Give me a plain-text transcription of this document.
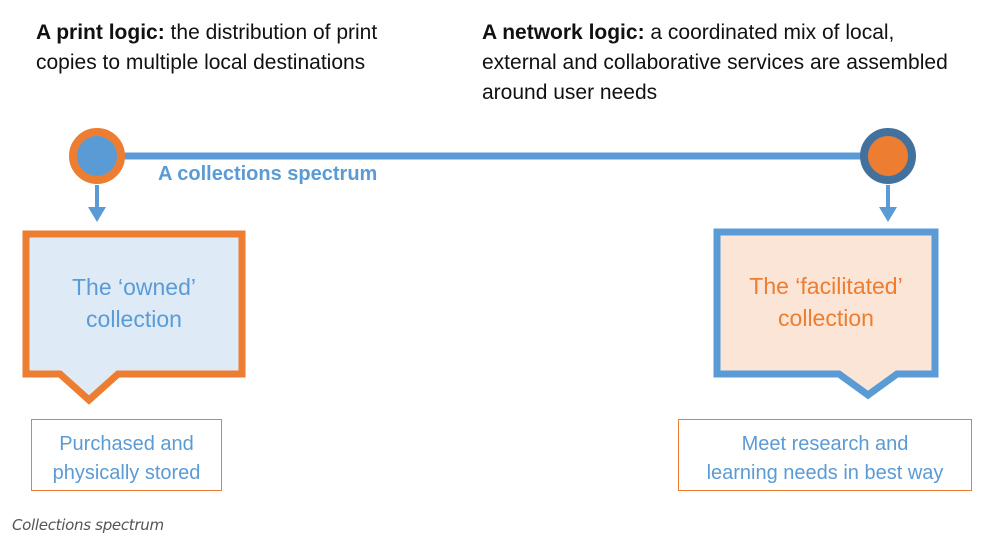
A print logic: the distribution of print copies to multiple local destinations
A network logic: a coordinated mix of local, external and collaborative services are assembled around user needs
A collections spectrum
The ‘owned’
collection
The ‘facilitated’
collection
Purchased and
physically stored
Meet research and
learning needs in best way
Collections spectrum
